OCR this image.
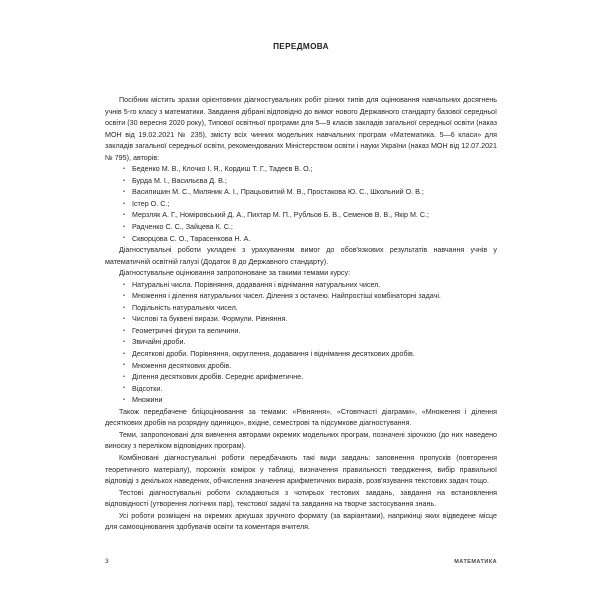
ПЕРЕДМОВА

Посібник містить зразки орієнтовних діагностувальних робіт різних типів для оцінювання навчальних досягнень учнів 5-го класу з математики. Завдання дібрані відповідно до вимог нового Державного стандарту базової середньої освіти (30 вересня 2020 року), Типової освітньої програми для 5—9 класів закладів загальної середньої освіти (наказ МОН від 19.02.2021 № 235), змісту всіх чинних модельних навчальних програм «Математика. 5—6 класи» для закладів загальної середньої освіти, рекомендованих Міністерством освіти і науки України (наказ МОН від 12.07.2021 № 795), авторів:

• Беденко М. В., Клочко І. Я., Кордиш Т. Г., Тадеєв В. О.;
• Бурда М. І., Васильєва Д. В.;
• Василишин М. С., Миляник А. І., Працьовитий М. В., Простакова Ю. С., Школьний О. В.;
• Істер О. С.;
• Мерзляк А. Г., Номіровський Д. А., Пихтар М. П., Рубльов Б. В., Семенов В. В., Якір М. С.;
• Радченко С. С., Зайцева К. С.;
• Скворцова С. О., Тарасенкова Н. А.

Діагностувальні роботи укладені з урахуванням вимог до обов'язкових результатів навчання учнів у математичній освітній галузі (Додаток 8 до Державного стандарту).

Діагностувальне оцінювання запропоноване за такими темами курсу:

• Натуральні числа. Порівняння, додавання і віднімання натуральних чисел.
• Множення і ділення натуральних чисел. Ділення з остачею. Найпростіші комбінаторні задачі.
• Подільність натуральних чисел.
• Числові та буквені вирази. Формули. Рівняння.
• Геометричні фігури та величини.
• Звичайні дроби.
• Десяткові дроби. Порівняння, округлення, додавання і віднімання десяткових дробів.
• Множення десяткових дробів.
• Ділення десяткових дробів. Середнє арифметичне.
• Відсотки.
• Множини

Також передбачене бліцоцінювання за темами: «Рівняння», «Стовпчасті діаграми», «Множення і ділення десяткових дробів на розрядну одиницю», вхідне, семестрові та підсумкове діагностування.

Теми, запропоновані для вивчення авторами окремих модельних програм, позначені зірочкою (до них наведено виноску з переліком відповідних програм).

Комбіновані діагностувальні роботи передбачають такі види завдань: заповнення пропусків (повторення теоретичного матеріалу), порожніх комірок у таблиці, визначення правильності твердження, вибір правильної відповіді з декількох наведених, обчислення значення арифметичних виразів, розв'язування текстових задач тощо.

Тестові діагностувальні роботи складаються з чотирьох тестових завдань, завдання на встановлення відповідності (утворення логічних пар), текстової задачі та завдання на творче застосування знань.

Усі роботи розміщені на окремих аркушах зручного формату (за варіантами), наприкінці яких відведене місце для самооцінювання здобувачів освіти та коментаря вчителя.

3	МАТЕМАТИКА
